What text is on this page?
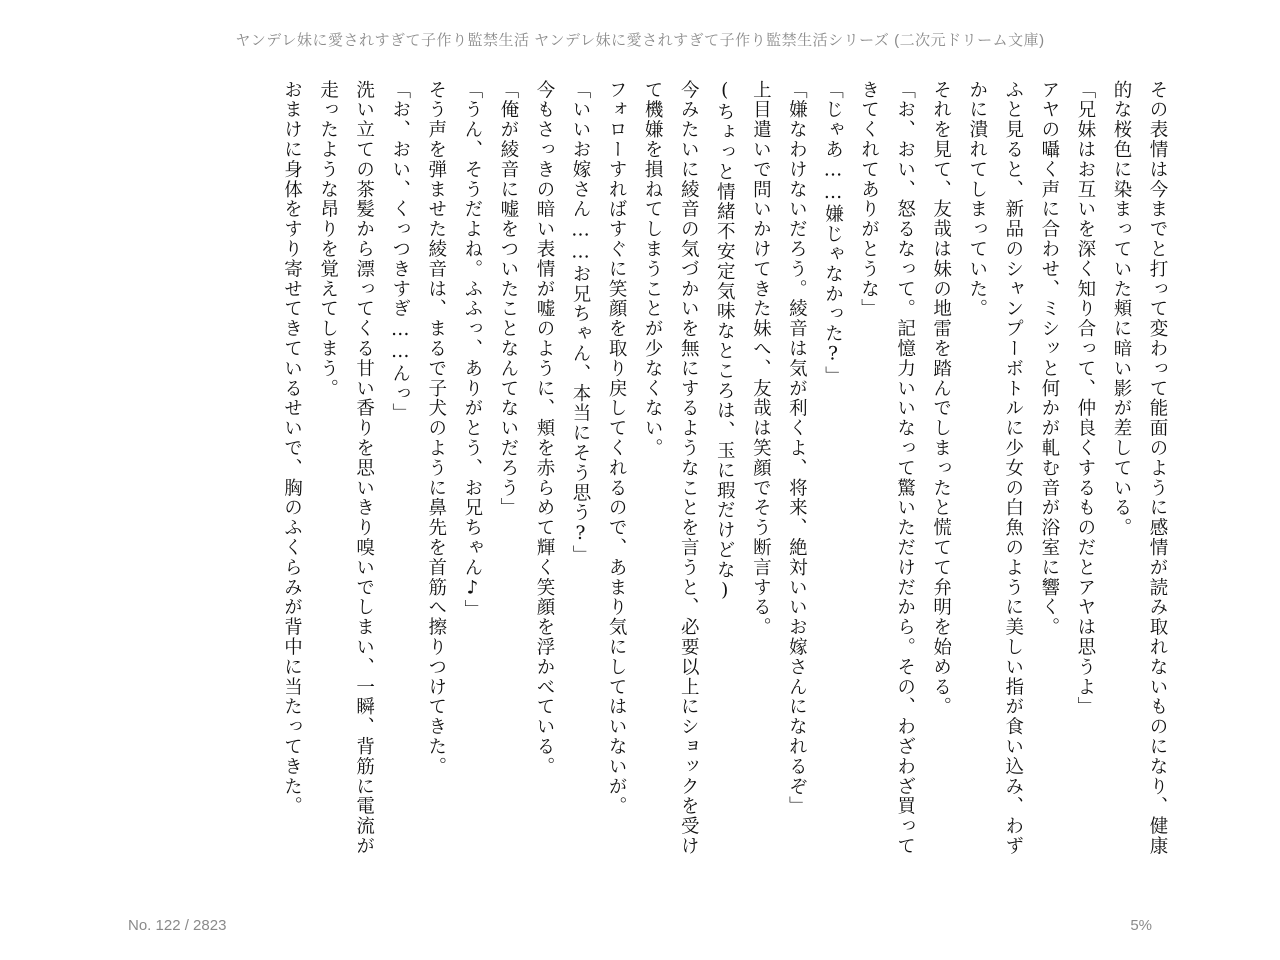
ヤンデレ妹に愛されすぎて子作り監禁生活 ヤンデレ妹に愛されすぎて子作り監禁生活シリーズ (二次元ドリーム文庫)

その表情は今までと打って変わって能面のように感情が読み取れないものになり、健康的な桜色に染まっていた頬に暗い影が差している。

「兄妹はお互いを深く知り合って、仲良くするものだとアヤは思うよ」

アヤの囁く声に合わせ、ミシッと何かが軋む音が浴室に響く。

ふと見ると、新品のシャンプーボトルに少女の白魚のように美しい指が食い込み、わずかに潰れてしまっていた。

それを見て、友哉は妹の地雷を踏んでしまったと慌てて弁明を始める。

「お、おい、怒るなって。記憶力いいなって驚いただけだから。その、わざわざ買ってきてくれてありがとうな」

「じゃあ……嫌じゃなかった?」

「嫌なわけないだろう。綾音は気が利くよ、将来、絶対いいお嫁さんになれるぞ」

上目遣いで問いかけてきた妹へ、友哉は笑顔でそう断言する。

(ちょっと情緒不安定気味なところは、玉に瑕だけどな)

今みたいに綾音の気づかいを無にするようなことを言うと、必要以上にショックを受けて機嫌を損ねてしまうことが少なくない。

フォローすればすぐに笑顔を取り戻してくれるので、あまり気にしてはいないが。

「いいお嫁さん……お兄ちゃん、本当にそう思う?」

今もさっきの暗い表情が嘘のように、頬を赤らめて輝く笑顔を浮かべている。

「俺が綾音に嘘をついたことなんてないだろう」

「うん、そうだよね。ふふっ、ありがとう、お兄ちゃん♪」

そう声を弾ませた綾音は、まるで子犬のように鼻先を首筋へ擦りつけてきた。

「お、おい、くっつきすぎ……んっ」

洗い立ての茶髪から漂ってくる甘い香りを思いきり嗅いでしまい、一瞬、背筋に電流が走ったような昂りを覚えてしまう。

おまけに身体をすり寄せてきているせいで、胸のふくらみが背中に当たってきた。

No. 122 / 2823	5%
